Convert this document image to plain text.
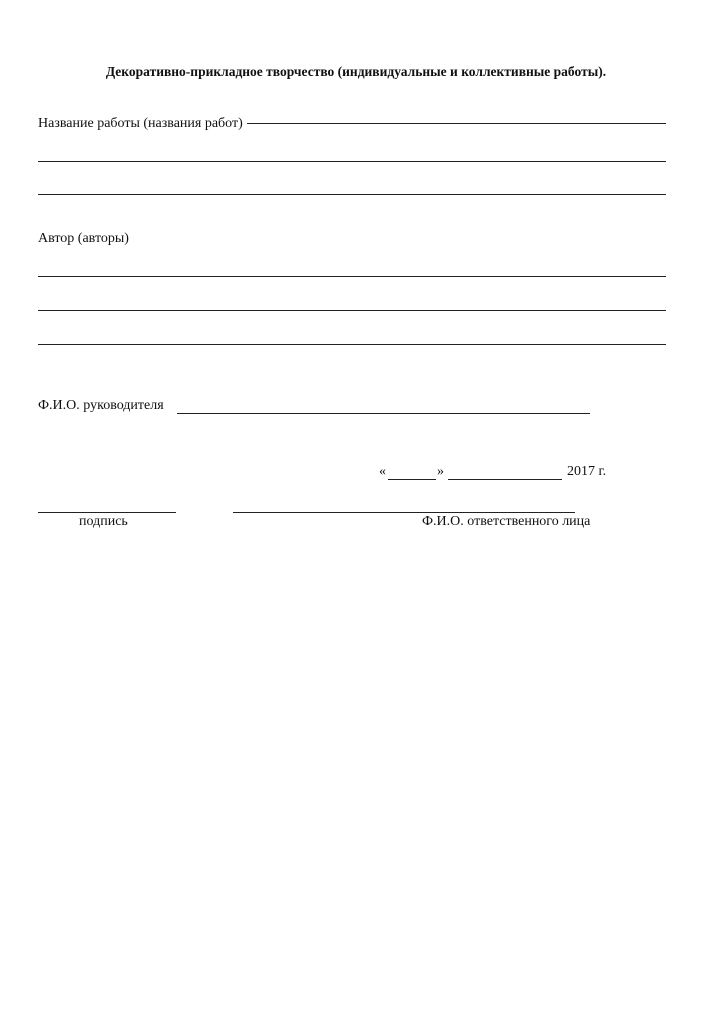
Декоративно-прикладное творчество (индивидуальные и коллективные работы).
Название работы (названия работ)
Автор (авторы)
Ф.И.О. руководителя
«	»	2017 г.
подпись	Ф.И.О. ответственного лица
